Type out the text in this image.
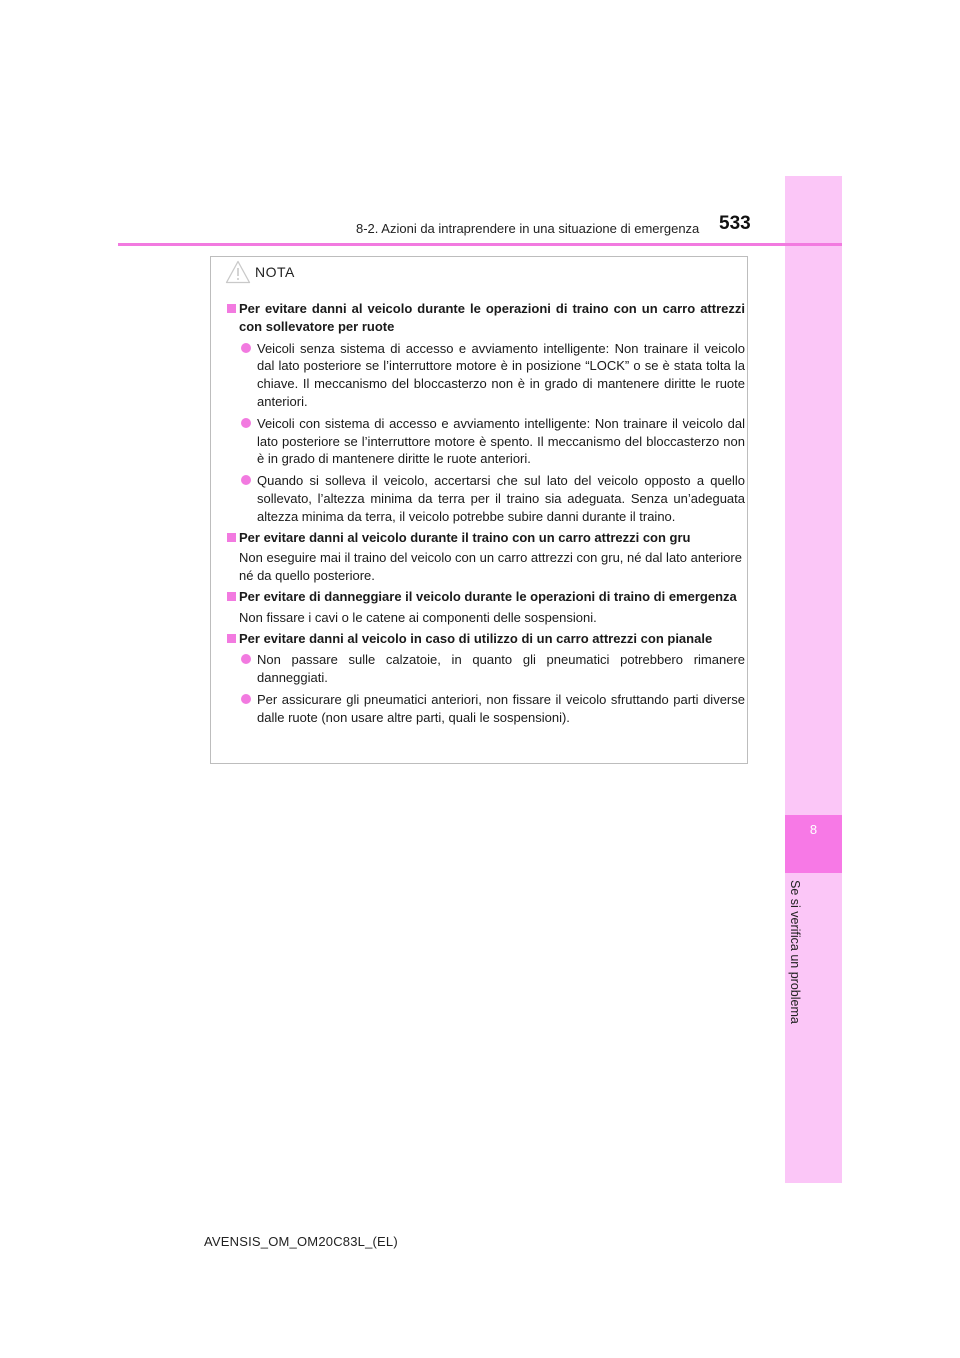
8
Se si verifica un problema
8-2. Azioni da intraprendere in una situazione di emergenza 533
NOTA
Per evitare danni al veicolo durante le operazioni di traino con un carro attrezzi con sollevatore per ruote
Veicoli senza sistema di accesso e avviamento intelligente: Non trainare il veicolo dal lato posteriore se l’interruttore motore è in posizione “LOCK” o se è stata tolta la chiave. Il meccanismo del bloccasterzo non è in grado di mantenere diritte le ruote anteriori.
Veicoli con sistema di accesso e avviamento intelligente: Non trainare il veicolo dal lato posteriore se l’interruttore motore è spento. Il meccanismo del bloccasterzo non è in grado di mantenere diritte le ruote anteriori.
Quando si solleva il veicolo, accertarsi che sul lato del veicolo opposto a quello sollevato, l’altezza minima da terra per il traino sia adeguata. Senza un’adeguata altezza minima da terra, il veicolo potrebbe subire danni durante il traino.
Per evitare danni al veicolo durante il traino con un carro attrezzi con gru
Non eseguire mai il traino del veicolo con un carro attrezzi con gru, né dal lato anteriore né da quello posteriore.
Per evitare di danneggiare il veicolo durante le operazioni di traino di emergenza
Non fissare i cavi o le catene ai componenti delle sospensioni.
Per evitare danni al veicolo in caso di utilizzo di un carro attrezzi con pianale
Non passare sulle calzatoie, in quanto gli pneumatici potrebbero rimanere danneggiati.
Per assicurare gli pneumatici anteriori, non fissare il veicolo sfruttando parti diverse dalle ruote (non usare altre parti, quali le sospensioni).
AVENSIS_OM_OM20C83L_(EL)
